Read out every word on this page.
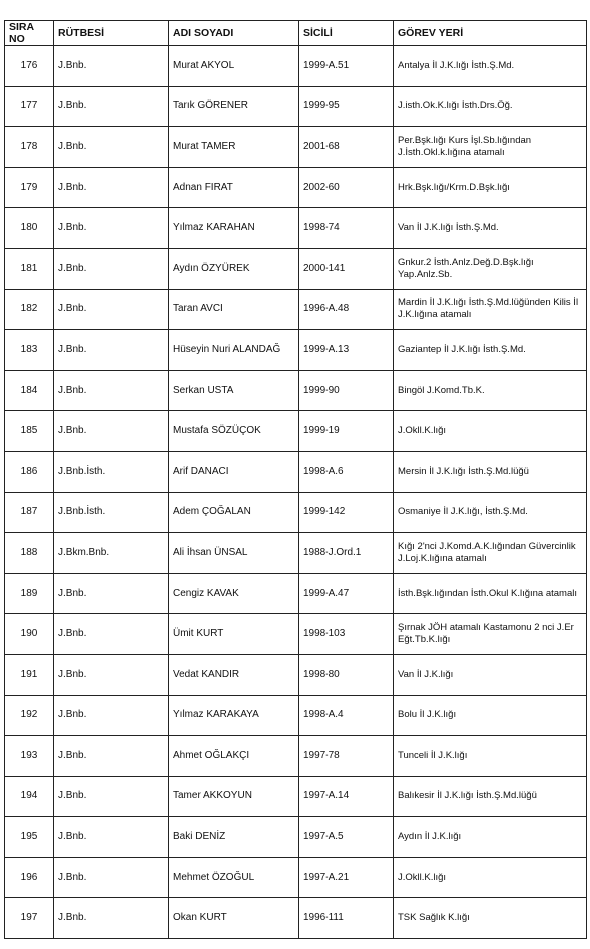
SIRA NO	RÜTBESİ	ADI SOYADI	SİCİLİ	GÖREV YERİ
176	J.Bnb.	Murat AKYOL	1999-A.51	Antalya İl J.K.lığı İsth.Ş.Md.
177	J.Bnb.	Tarık GÖRENER	1999-95	J.isth.Ok.K.lığı İsth.Drs.Öğ.
178	J.Bnb.	Murat TAMER	2001-68	Per.Bşk.lığı Kurs İşl.Sb.lığından J.İsth.Okl.k.lığına atamalı
179	J.Bnb.	Adnan FIRAT	2002-60	Hrk.Bşk.lığı/Krm.D.Bşk.lığı
180	J.Bnb.	Yılmaz KARAHAN	1998-74	Van İl J.K.lığı İsth.Ş.Md.
181	J.Bnb.	Aydın ÖZYÜREK	2000-141	Gnkur.2 İsth.Anlz.Değ.D.Bşk.lığı Yap.Anlz.Sb.
182	J.Bnb.	Taran AVCI	1996-A.48	Mardin İl J.K.lığı İsth.Ş.Md.lüğünden Kilis İl J.K.lığına atamalı
183	J.Bnb.	Hüseyin Nuri ALANDAĞ	1999-A.13	Gaziantep İl J.K.lığı İsth.Ş.Md.
184	J.Bnb.	Serkan USTA	1999-90	Bingöl J.Komd.Tb.K.
185	J.Bnb.	Mustafa SÖZÜÇOK	1999-19	J.Okll.K.lığı
186	J.Bnb.İsth.	Arif DANACI	1998-A.6	Mersin İl J.K.lığı İsth.Ş.Md.lüğü
187	J.Bnb.İsth.	Adem ÇOĞALAN	1999-142	Osmaniye İl J.K.lığı, İsth.Ş.Md.
188	J.Bkm.Bnb.	Ali İhsan ÜNSAL	1988-J.Ord.1	Kığı 2'nci J.Komd.A.K.lığından Güvercinlik J.Loj.K.lığına atamalı
189	J.Bnb.	Cengiz KAVAK	1999-A.47	İsth.Bşk.lığından İsth.Okul K.lığına atamalı
190	J.Bnb.	Ümit KURT	1998-103	Şırnak JÖH atamalı Kastamonu 2 nci J.Er Eğt.Tb.K.lığı
191	J.Bnb.	Vedat KANDIR	1998-80	Van İl J.K.lığı
192	J.Bnb.	Yılmaz KARAKAYA	1998-A.4	Bolu İl J.K.lığı
193	J.Bnb.	Ahmet OĞLAKÇI	1997-78	Tunceli İl J.K.lığı
194	J.Bnb.	Tamer AKKOYUN	1997-A.14	Balıkesir İl J.K.lığı İsth.Ş.Md.lüğü
195	J.Bnb.	Baki DENİZ	1997-A.5	Aydın İl J.K.lığı
196	J.Bnb.	Mehmet ÖZOĞUL	1997-A.21	J.Okll.K.lığı
197	J.Bnb.	Okan KURT	1996-111	TSK Sağlık K.lığı
